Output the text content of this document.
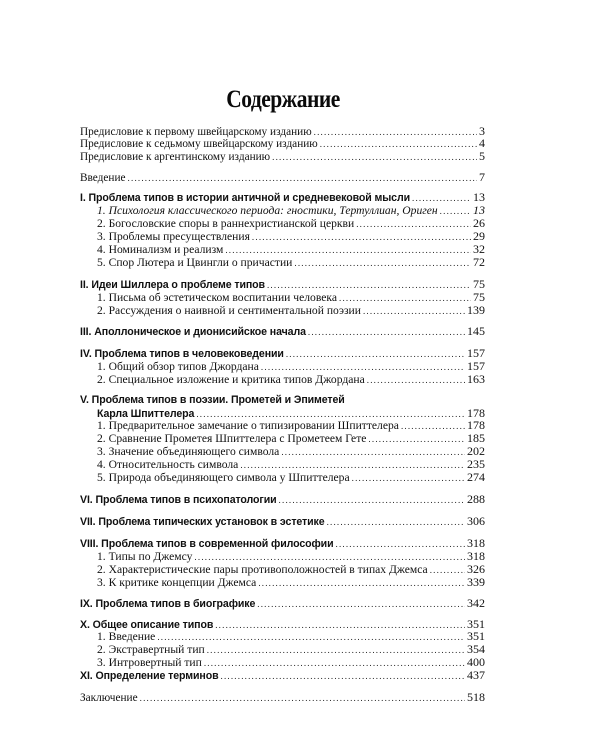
Содержание
Предисловие к первому швейцарскому изданию .....	3
Предисловие к седьмому швейцарскому изданию .....	4
Предисловие к аргентинскому изданию .....	5
Введение .....	7
I. Проблема типов в истории античной и средневековой мысли .....	13
1. Психология классического периода: гностики, Тертуллиан, Ориген .....	13
2. Богословские споры в раннехристианской церкви .....	26
3. Проблемы пресуществления .....	29
4. Номинализм и реализм .....	32
5. Спор Лютера и Цвингли о причастии .....	72
II. Идеи Шиллера о проблеме типов .....	75
1. Письма об эстетическом воспитании человека .....	75
2. Рассуждения о наивной и сентиментальной поэзии .....	139
III. Аполлоническое и дионисийское начала .....	145
IV. Проблема типов в человековедении .....	157
1. Общий обзор типов Джордана .....	157
2. Специальное изложение и критика типов Джордана .....	163
V. Проблема типов в поэзии. Прометей и Эпиметей
Карла Шпиттелера .....	178
1. Предварительное замечание о типизировании Шпиттелера .....	178
2. Сравнение Прометея Шпиттелера с Прометеем Гете .....	185
3. Значение объединяющего символа .....	202
4. Относительность символа .....	235
5. Природа объединяющего символа у Шпиттелера .....	274
VI. Проблема типов в психопатологии .....	288
VII. Проблема типических установок в эстетике .....	306
VIII. Проблема типов в современной философии .....	318
1. Типы по Джемсу .....	318
2. Характеристические пары противоположностей в типах Джемса .....	326
3. К критике концепции Джемса .....	339
IX. Проблема типов в биографике .....	342
X. Общее описание типов .....	351
1. Введение .....	351
2. Экстравертный тип .....	354
3. Интровертный тип .....	400
XI. Определение терминов .....	437
Заключение .....	518
